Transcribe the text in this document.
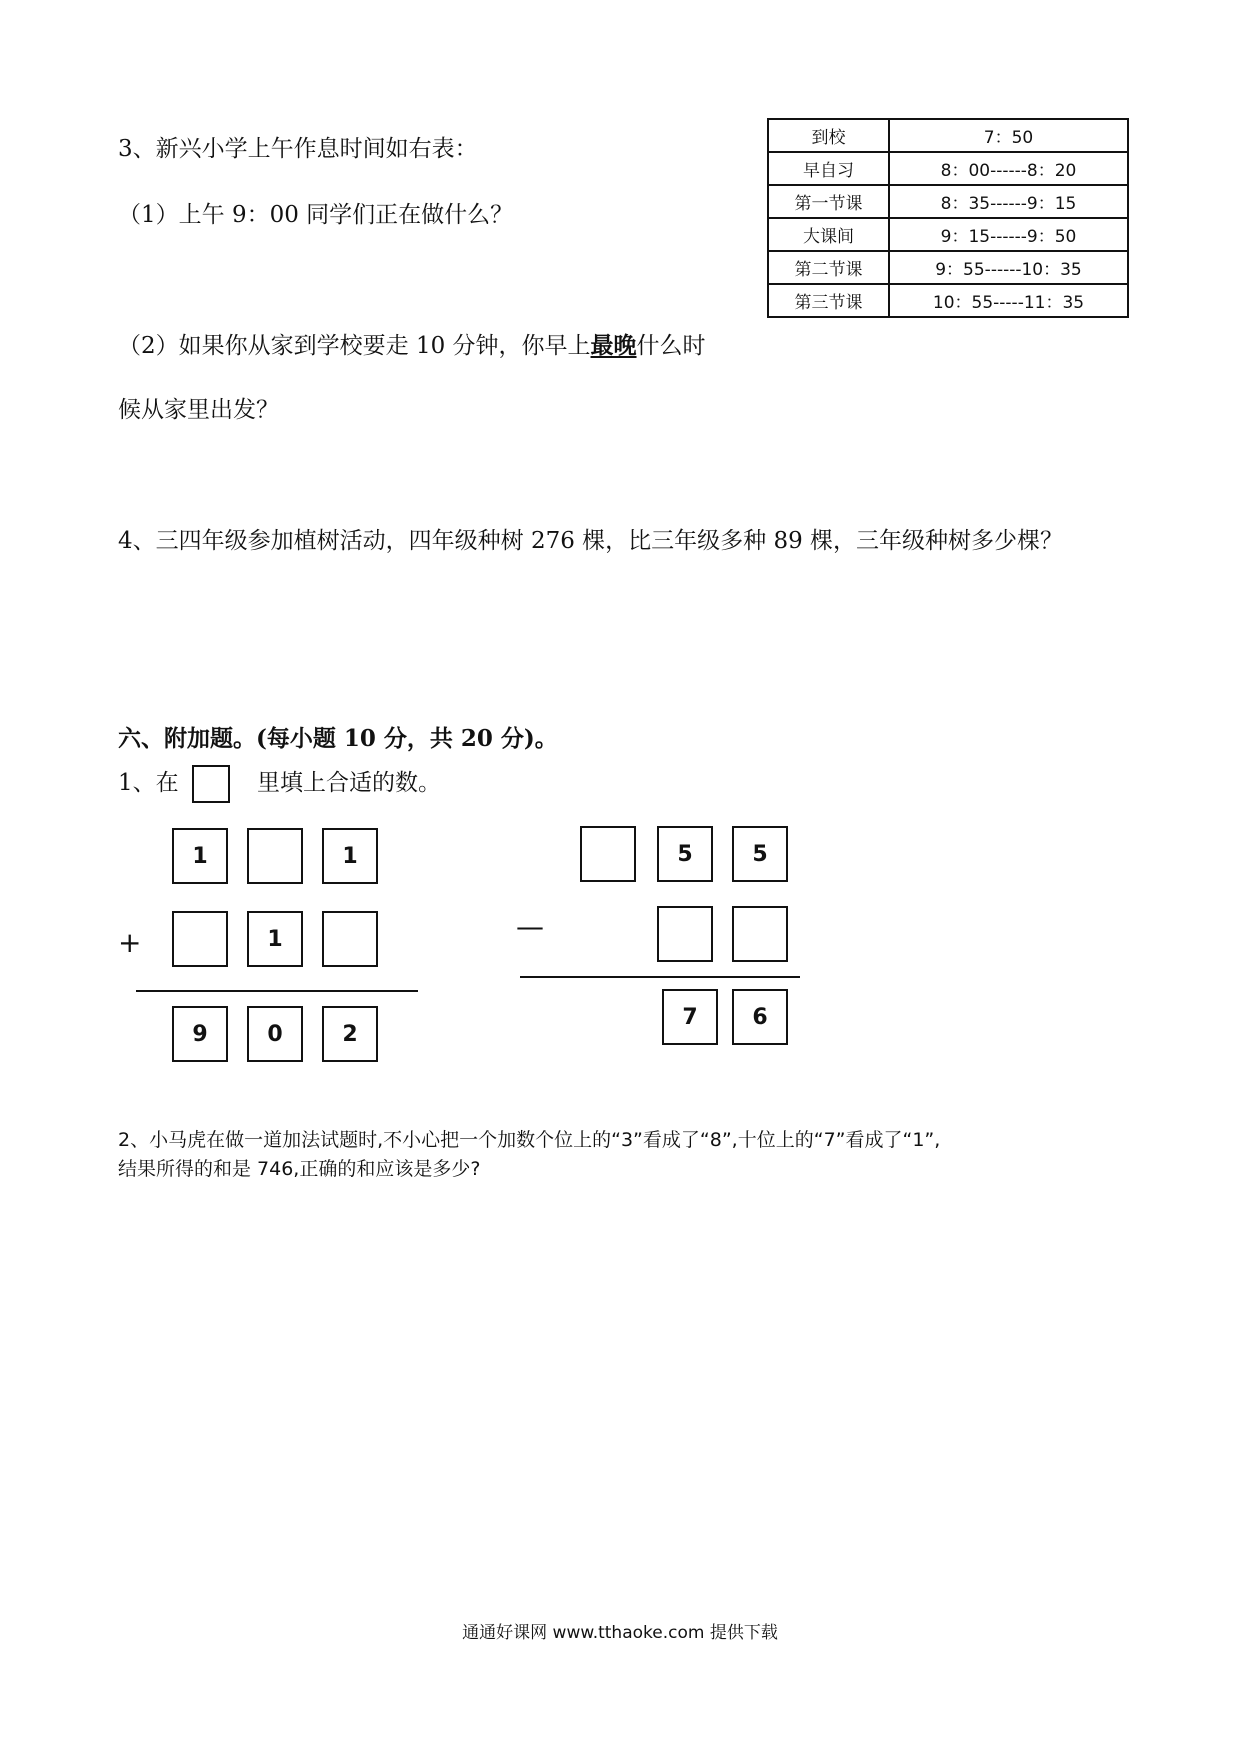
3、新兴小学上午作息时间如右表：
（1）上午 9：00 同学们正在做什么？
（2）如果你从家到学校要走 10 分钟，你早上最晚什么时
候从家里出发？
到校	7：50
早自习	8：00------8：20
第一节课	8：35------9：15
大课间	9：15------9：50
第二节课	9：55------10：35
第三节课	10：55-----11：35
4、三四年级参加植树活动，四年级种树 276 棵，比三年级多种 89 棵，三年级种树多少棵？
六、附加题。(每小题 10 分，共 20 分)。
1、在	里填上合适的数。
1	1
+	1
9	0	2
5	5
—
7	6
2、小马虎在做一道加法试题时,不小心把一个加数个位上的“3”看成了“8”,十位上的“7”看成了“1”,
结果所得的和是 746,正确的和应该是多少?
通通好课网 www.tthaoke.com 提供下载
